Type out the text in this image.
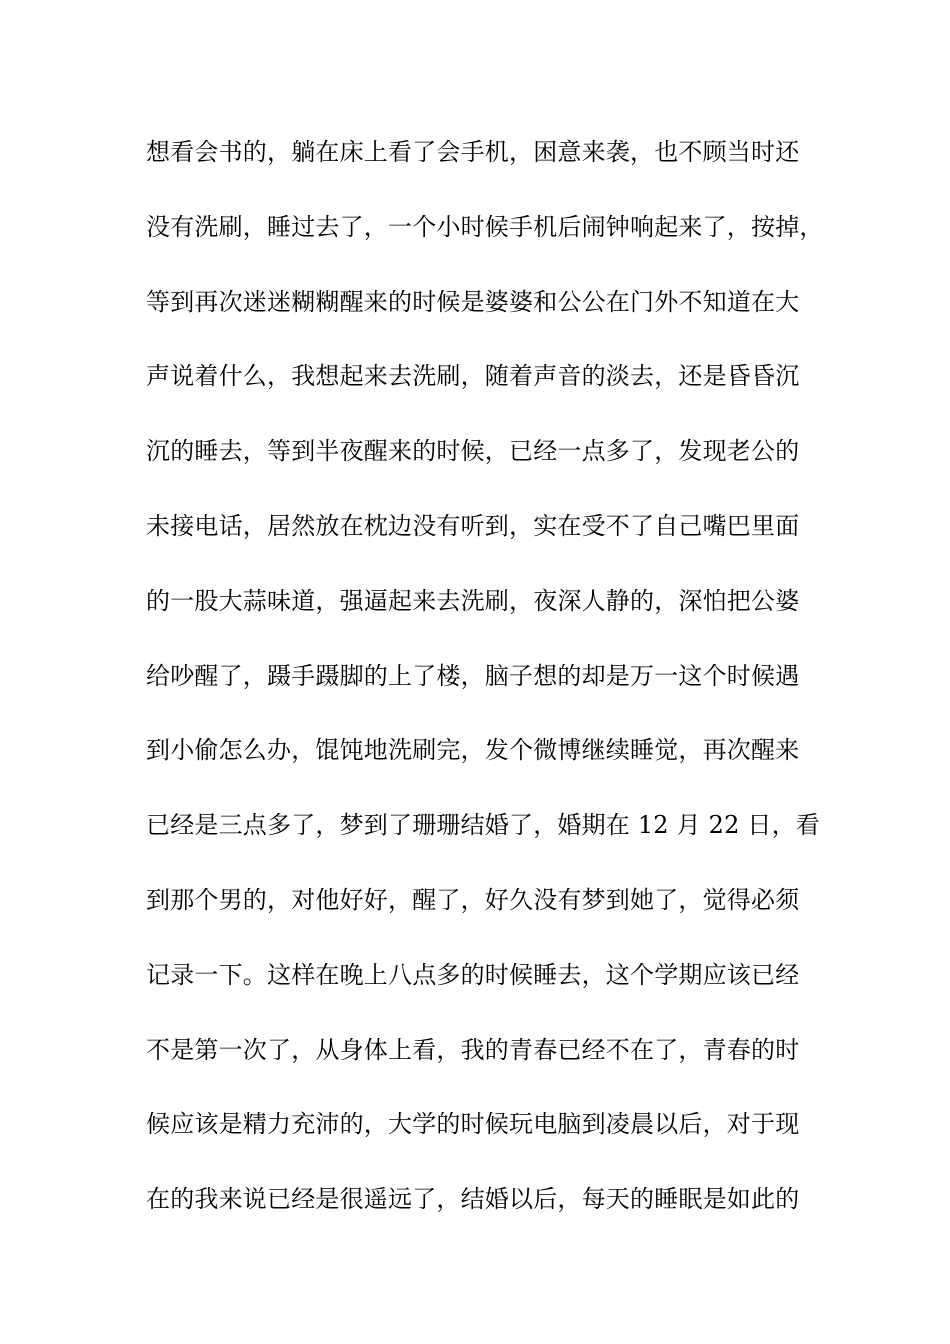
想看会书的，躺在床上看了会手机，困意来袭，也不顾当时还
没有洗刷，睡过去了，一个小时候手机后闹钟响起来了，按掉，
等到再次迷迷糊糊醒来的时候是婆婆和公公在门外不知道在大
声说着什么，我想起来去洗刷，随着声音的淡去，还是昏昏沉
沉的睡去，等到半夜醒来的时候，已经一点多了，发现老公的
未接电话，居然放在枕边没有听到，实在受不了自己嘴巴里面
的一股大蒜味道，强逼起来去洗刷，夜深人静的，深怕把公婆
给吵醒了，蹑手蹑脚的上了楼，脑子想的却是万一这个时候遇
到小偷怎么办，馄饨地洗刷完，发个微博继续睡觉，再次醒来
已经是三点多了，梦到了珊珊结婚了，婚期在 12 月 22 日，看
到那个男的，对他好好，醒了，好久没有梦到她了，觉得必须
记录一下。这样在晚上八点多的时候睡去，这个学期应该已经
不是第一次了，从身体上看，我的青春已经不在了，青春的时
候应该是精力充沛的，大学的时候玩电脑到凌晨以后，对于现
在的我来说已经是很遥远了，结婚以后，每天的睡眠是如此的
